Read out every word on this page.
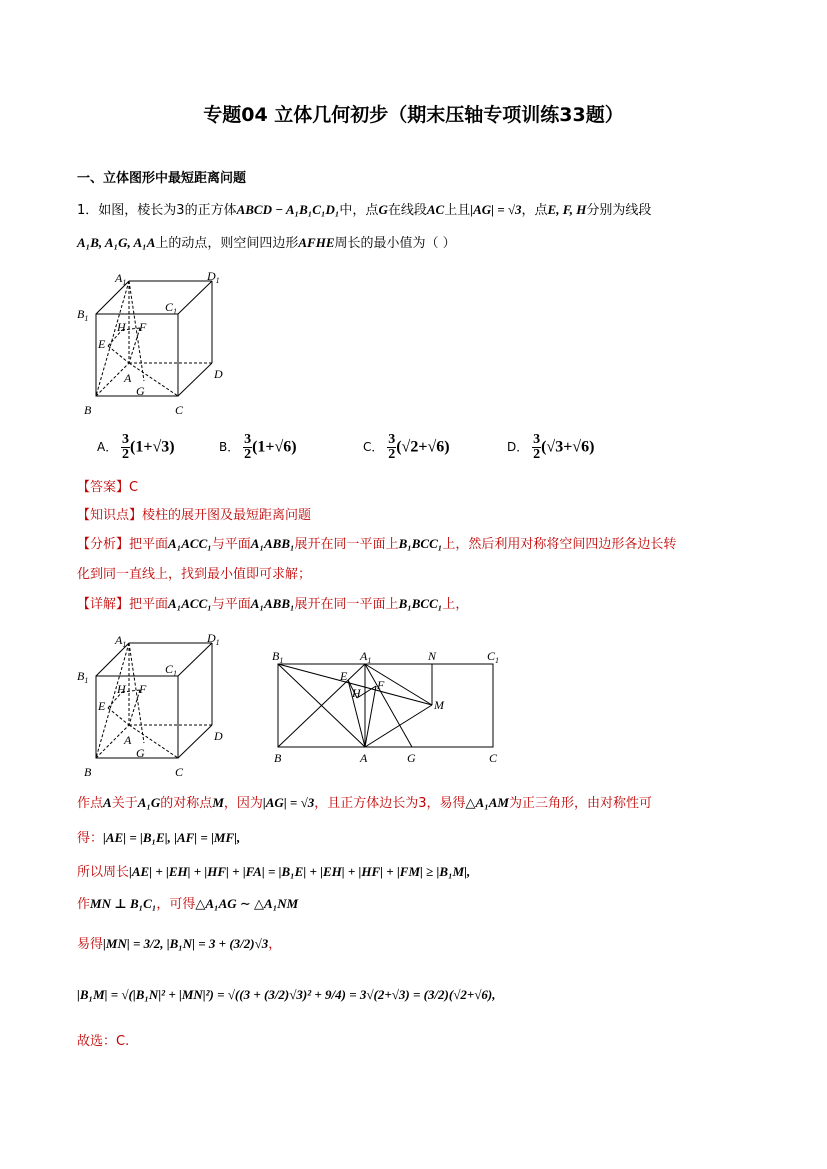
专题04 立体几何初步（期末压轴专项训练33题）
一、立体图形中最短距离问题
1．如图，棱长为3的正方体ABCD − A₁B₁C₁D₁中，点G在线段AC上且|AG| = √3，点E, F, H分别为线段
A₁B, A₁G, A₁A上的动点，则空间四边形AFHE周长的最小值为（ ）
$A_1$	$D_1$
$B_1$
$C_1$
H F
E
A	D
G
B	C
A． $\frac{3}{2} (1+√3)$	B． $\frac{3}{2} (1+√6)$	C． $\frac{3}{2} (√2+√6)$	D． $\frac{3}{2} (√3+√6)$
【答案】C
【知识点】棱柱的展开图及最短距离问题
【分析】把平面A₁ACC₁与平面A₁ABB₁展开在同一平面上B₁BCC₁上，然后利用对称将空间四边形各边长转
化到同一直线上，找到最小值即可求解；
【详解】把平面A₁ACC₁与平面A₁ABB₁展开在同一平面上B₁BCC₁上，
$A_1$	$D_1$
$B_1$
$C_1$
H F
E
A	D
G
B	C
$B_1$	$A_1$	N	$C_1$
E
F
H
M
B	A	G	C
作点A关于A₁G的对称点M，因为|AG| = √3，且正方体边长为3，易得△A₁AM为正三角形，由对称性可
得：|AE| = |B₁E|, |AF| = |MF|,
所以周长|AE| + |EH| + |HF| + |FA| = |B₁E| + |EH| + |HF| + |FM| ≥ |B₁M|,
作MN ⊥ B₁C₁，可得△A₁AG ∼ △A₁NM
易得|MN| = 3/2, |B₁N| = 3 + (3/2)√3，
|B₁M| = √(|B₁N|² + |MN|²) = √((3 + (3/2)√3)² + 9/4) = 3√(2+√3) = (3/2)(√2+√6),
故选：C.
